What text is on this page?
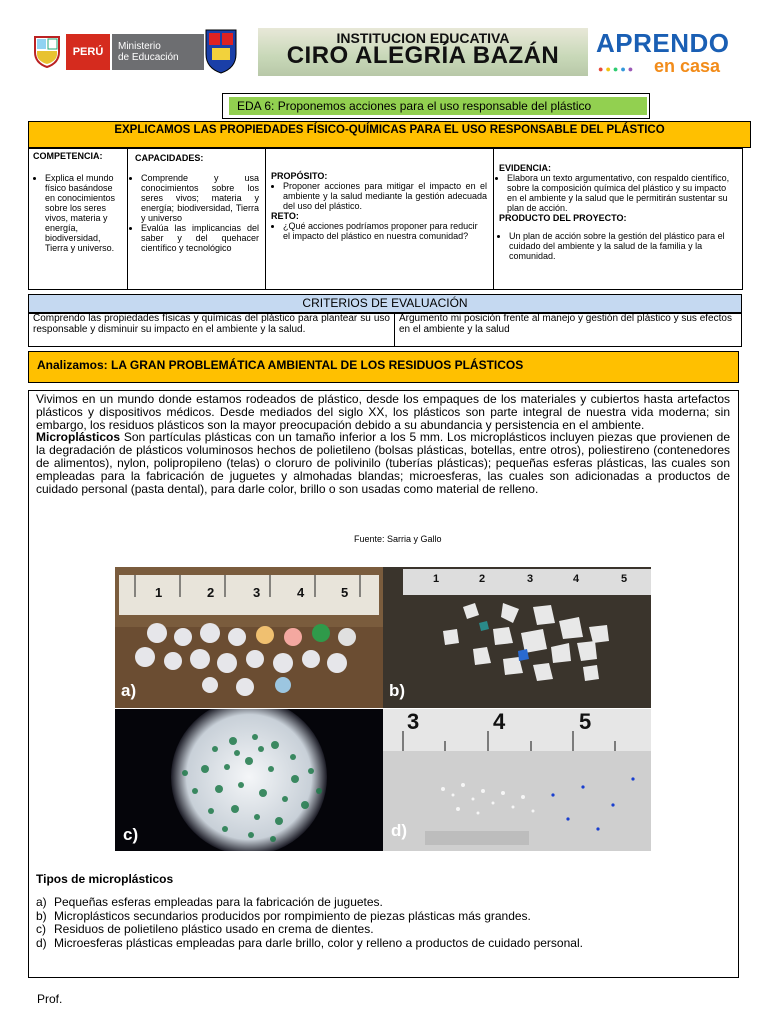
PERÚ	Ministerio
de Educación
INSTITUCION EDUCATIVA
CIRO ALEGRÍA BAZÁN	APRENDO
en casa
●●●●●
EDA 6: Proponemos acciones para el uso responsable del plástico
EXPLICAMOS LAS PROPIEDADES FÍSICO-QUÍMICAS PARA EL USO RESPONSABLE DEL PLÁSTICO
COMPETENCIA:
• Explica el mundo físico basándose en conocimientos sobre los seres vivos, materia y energía, biodiversidad, Tierra y universo.
CAPACIDADES:
• Comprende y usa conocimientos sobre los seres vivos; materia y energía; biodiversidad, Tierra y universo
• Evalúa las implicancias del saber y del quehacer científico y tecnológico
PROPÓSITO:
• Proponer acciones para mitigar el impacto en el ambiente y la salud mediante la gestión adecuada del uso del plástico.
RETO:
• ¿Qué acciones podríamos proponer para reducir el impacto del plástico en nuestra comunidad?
EVIDENCIA:
• Elabora un texto argumentativo, con respaldo científico, sobre la composición química del plástico y su impacto en el ambiente y la salud que le permitirán sustentar su plan de acción.
PRODUCTO DEL PROYECTO:
• Un plan de acción sobre la gestión del plástico para el cuidado del ambiente y la salud de la familia y la comunidad.
CRITERIOS DE EVALUACIÓN
Comprendo las propiedades físicas y químicas del plástico para plantear su uso responsable y disminuir su impacto en el ambiente y la salud.
Argumento mi posición frente al manejo y gestión del plástico y sus efectos en el ambiente y la salud
Analizamos: LA GRAN PROBLEMÁTICA AMBIENTAL DE LOS RESIDUOS PLÁSTICOS
Vivimos en un mundo donde estamos rodeados de plástico, desde los empaques de los materiales y cubiertos hasta artefactos plásticos y dispositivos médicos. Desde mediados del siglo XX, los plásticos son parte integral de nuestra vida moderna; sin embargo, los residuos plásticos son la mayor preocupación debido a su abundancia y persistencia en el ambiente.
Microplásticos Son partículas plásticas con un tamaño inferior a los 5 mm. Los microplásticos incluyen piezas que provienen de la degradación de plásticos voluminosos hechos de polietileno (bolsas plásticas, botellas, entre otros), poliestireno (contenedores de alimentos), nylon, polipropileno (telas) o cloruro de polivinilo (tuberías plásticas); pequeñas esferas plásticas, las cuales son empleadas para la fabricación de juguetes y almohadas blandas; microesferas, las cuales son adicionadas a productos de cuidado personal (pasta dental), para darle color, brillo o son usadas como material de relleno.
Fuente: Sarria y Gallo
1	2	3	4	5
a)
1	2	3	4	5
b)
c)
3	4	5
d)
Tipos de microplásticos
a) Pequeñas esferas empleadas para la fabricación de juguetes.
b) Microplásticos secundarios producidos por rompimiento de piezas plásticas más grandes.
c) Residuos de polietileno plástico usado en crema de dientes.
d) Microesferas plásticas empleadas para darle brillo, color y relleno a productos de cuidado personal.
Prof.
